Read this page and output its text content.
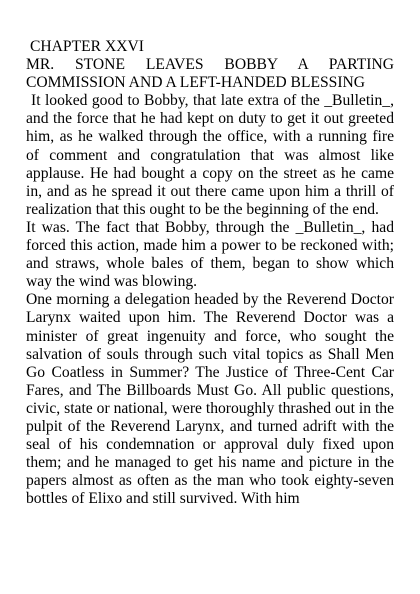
CHAPTER XXVI
MR. STONE LEAVES BOBBY A PARTING COMMISSION AND A LEFT-HANDED BLESSING

It looked good to Bobby, that late extra of the _Bulletin_, and the force that he had kept on duty to get it out greeted him, as he walked through the office, with a running fire of comment and congratulation that was almost like applause. He had bought a copy on the street as he came in, and as he spread it out there came upon him a thrill of realization that this ought to be the beginning of the end.

It was. The fact that Bobby, through the _Bulletin_, had forced this action, made him a power to be reckoned with; and straws, whole bales of them, began to show which way the wind was blowing.

One morning a delegation headed by the Reverend Doctor Larynx waited upon him. The Reverend Doctor was a minister of great ingenuity and force, who sought the salvation of souls through such vital topics as Shall Men Go Coatless in Summer? The Justice of Three-Cent Car Fares, and The Billboards Must Go. All public questions, civic, state or national, were thoroughly thrashed out in the pulpit of the Reverend Larynx, and turned adrift with the seal of his condemnation or approval duly fixed upon them; and he managed to get his name and picture in the papers almost as often as the man who took eighty-seven bottles of Elixo and still survived. With him
